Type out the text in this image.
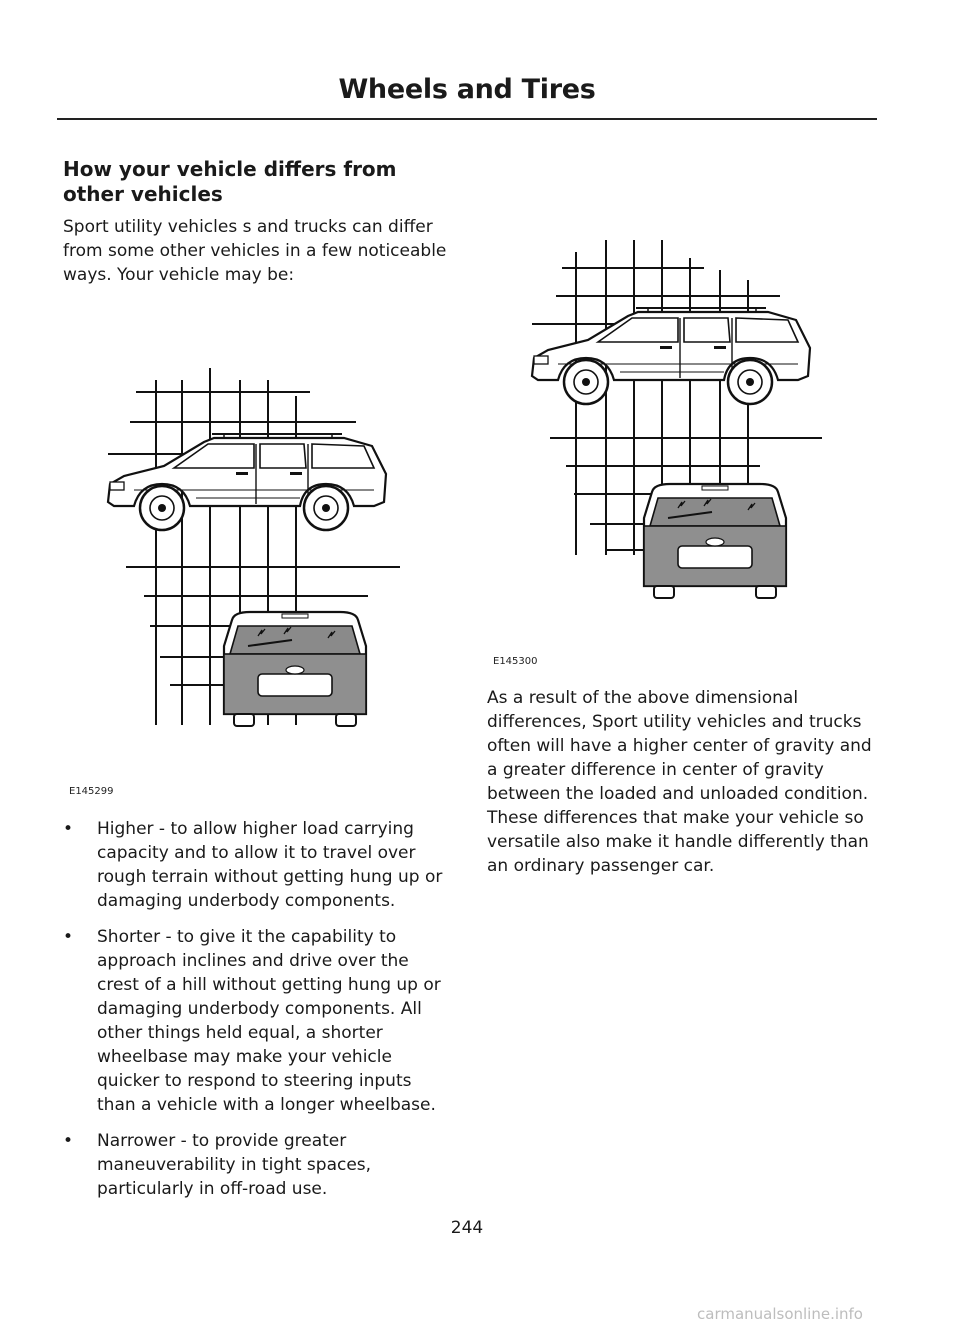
Wheels and Tires
How your vehicle differs from
other vehicles

Sport utility vehicles s and trucks can differ from some other vehicles in a few noticeable ways. Your vehicle may be:

E145299
E145300
• Higher - to allow higher load carrying capacity and to allow it to travel over rough terrain without getting hung up or damaging underbody components.
• Shorter - to give it the capability to approach inclines and drive over the crest of a hill without getting hung up or damaging underbody components. All other things held equal, a shorter wheelbase may make your vehicle quicker to respond to steering inputs than a vehicle with a longer wheelbase.
• Narrower - to provide greater maneuverability in tight spaces, particularly in off-road use.

As a result of the above dimensional differences, Sport utility vehicles and trucks often will have a higher center of gravity and a greater difference in center of gravity between the loaded and unloaded condition. These differences that make your vehicle so versatile also make it handle differently than an ordinary passenger car.

244
carmanualsonline.info
